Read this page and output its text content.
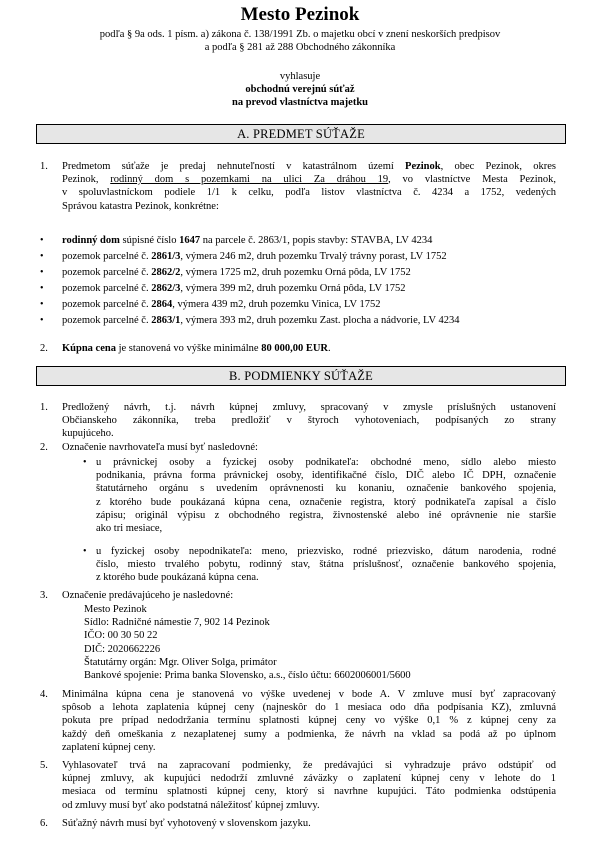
Mesto Pezinok
podľa § 9a ods. 1 písm. a) zákona č. 138/1991 Zb. o majetku obcí v znení neskorších predpisov
a podľa § 281 až 288 Obchodného zákonníka
vyhlasuje
obchodnú verejnú súťaž
na prevod vlastníctva majetku
A. PREDMET SÚŤAŽE
1.	Predmetom súťaže je predaj nehnuteľností v katastrálnom území Pezinok, obec Pezinok, okres
Pezinok, rodinný dom s pozemkami na ulici Za dráhou 19, vo vlastníctve Mesta Pezinok,
v spoluvlastníckom podiele 1/1 k celku, podľa listov vlastníctva č. 4234 a 1752, vedených
Správou katastra Pezinok, konkrétne:
•	rodinný dom súpisné číslo 1647 na parcele č. 2863/1, popis stavby: STAVBA, LV 4234
•	pozemok parcelné č. 2861/3, výmera 246 m2, druh pozemku Trvalý trávny porast, LV 1752
•	pozemok parcelné č. 2862/2, výmera 1725 m2, druh pozemku Orná pôda, LV 1752
•	pozemok parcelné č. 2862/3, výmera 399 m2, druh pozemku Orná pôda, LV 1752
•	pozemok parcelné č. 2864, výmera 439 m2, druh pozemku Vinica, LV 1752
•	pozemok parcelné č. 2863/1, výmera 393 m2, druh pozemku Zast. plocha a nádvorie, LV 4234
2.	Kúpna cena je stanovená vo výške minimálne 80 000,00 EUR.
B. PODMIENKY SÚŤAŽE
1.	Predložený návrh, t.j. návrh kúpnej zmluvy, spracovaný v zmysle príslušných ustanovení
Občianskeho zákonníka, treba predložiť v štyroch vyhotoveniach, podpísaných zo strany
kupujúceho.
2.	Označenie navrhovateľa musí byť nasledovné:
• u právnickej osoby a fyzickej osoby podnikateľa: obchodné meno, sídlo alebo miesto
podnikania, právna forma právnickej osoby, identifikačné číslo, DIČ alebo IČ DPH, označenie
štatutárneho orgánu s uvedením oprávnenosti ku konaniu, označenie bankového spojenia,
z ktorého bude poukázaná kúpna cena, označenie registra, ktorý podnikateľa zapísal a číslo
zápisu; originál výpisu z obchodného registra, živnostenské alebo iné oprávnenie nie staršie
ako tri mesiace,
• u fyzickej osoby nepodnikateľa: meno, priezvisko, rodné priezvisko, dátum narodenia, rodné
číslo, miesto trvalého pobytu, rodinný stav, štátna príslušnosť, označenie bankového spojenia,
z ktorého bude poukázaná kúpna cena.
3.	Označenie predávajúceho je nasledovné:
Mesto Pezinok
Sídlo: Radničné námestie 7, 902 14 Pezinok
IČO: 00 30 50 22
DIČ: 2020662226
Štatutárny orgán: Mgr. Oliver Solga, primátor
Bankové spojenie: Prima banka Slovensko, a.s., číslo účtu: 6602006001/5600
4.	Minimálna kúpna cena je stanovená vo výške uvedenej v bode A. V zmluve musí byť zapracovaný
spôsob a lehota zaplatenia kúpnej ceny (najneskôr do 1 mesiaca odo dňa podpísania KZ), zmluvná
pokuta pre prípad nedodržania termínu splatnosti kúpnej ceny vo výške 0,1 % z kúpnej ceny za
každý deň omeškania z nezaplatenej sumy a podmienka, že návrh na vklad sa podá až po úplnom
zaplatení kúpnej ceny.
5.	Vyhlasovateľ trvá na zapracovaní podmienky, že predávajúci si vyhradzuje právo odstúpiť od
kúpnej zmluvy, ak kupujúci nedodrží zmluvné záväzky o zaplatení kúpnej ceny v lehote do 1
mesiaca od termínu splatnosti kúpnej ceny, ktorý si navrhne kupujúci. Táto podmienka odstúpenia
od zmluvy musí byť ako podstatná náležitosť kúpnej zmluvy.
6.	Súťažný návrh musí byť vyhotovený v slovenskom jazyku.
